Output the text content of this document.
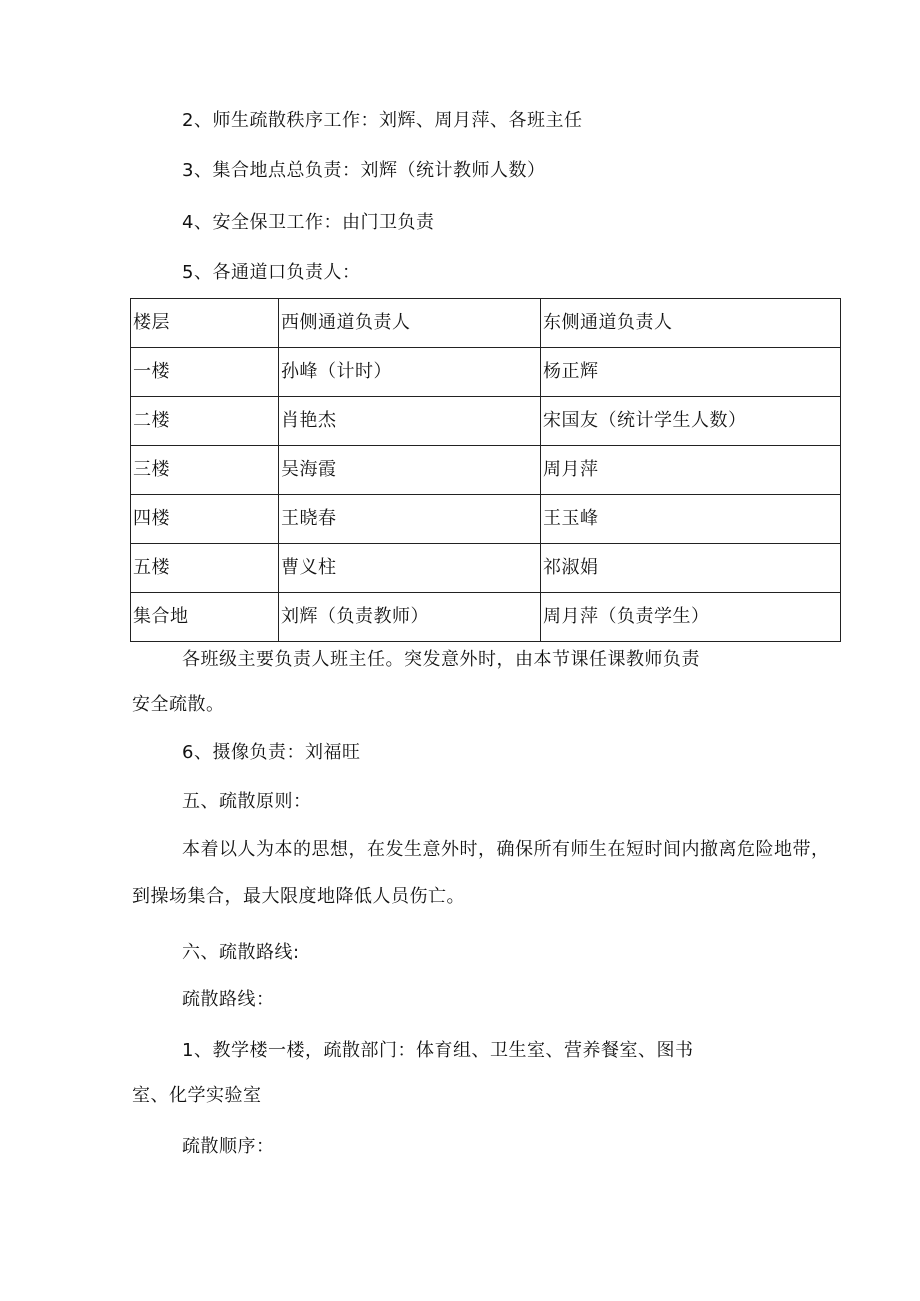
2、师生疏散秩序工作：刘辉、周月萍、各班主任
3、集合地点总负责：刘辉（统计教师人数）
4、安全保卫工作：由门卫负责
5、各通道口负责人：
楼层	西侧通道负责人	东侧通道负责人
一楼	孙峰（计时）	杨正辉
二楼	肖艳杰	宋国友（统计学生人数）
三楼	吴海霞	周月萍
四楼	王晓春	王玉峰
五楼	曹义柱	祁淑娟
集合地	刘辉（负责教师）	周月萍（负责学生）
各班级主要负责人班主任。突发意外时，由本节课任课教师负责
安全疏散。
6、摄像负责：刘福旺
五、疏散原则：
本着以人为本的思想，在发生意外时，确保所有师生在短时间内撤离危险地带，
到操场集合，最大限度地降低人员伤亡。
六、疏散路线:
疏散路线：
1、教学楼一楼，疏散部门：体育组、卫生室、营养餐室、图书
室、化学实验室
疏散顺序：
